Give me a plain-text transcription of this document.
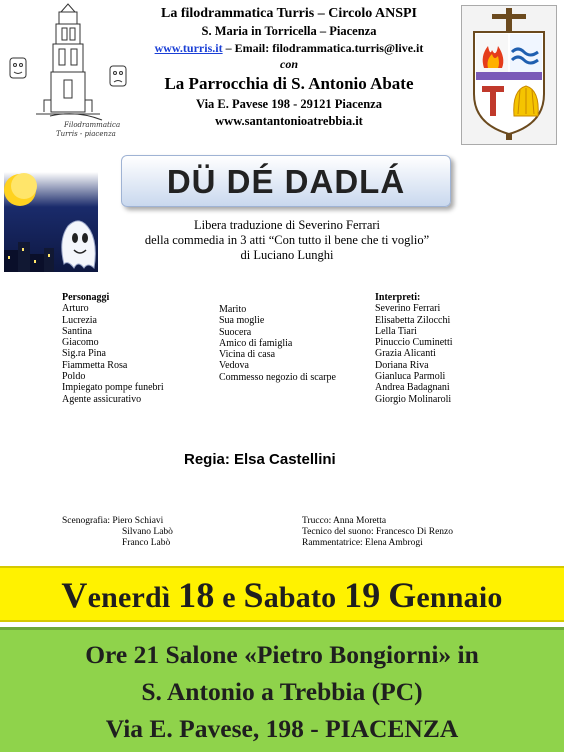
Filodrammatica
Turris - piacenza
La filodrammatica Turris – Circolo ANSPI
S. Maria in Torricella – Piacenza
www.turris.it – Email: filodrammatica.turris@live.it
con
La Parrocchia di S. Antonio Abate
Via E. Pavese 198 - 29121 Piacenza
www.santantonioatrebbia.it
DÜ DÉ DADLÁ
Libera traduzione di Severino Ferrari
della commedia in 3 atti “Con tutto il bene che ti voglio”
di Luciano Lunghi
Personaggi
Arturo
Lucrezia
Santina
Giacomo
Sig.ra Pina
Fiammetta Rosa
Poldo
Impiegato pompe funebri
Agente assicurativo
Marito
Sua moglie
Suocera
Amico di famiglia
Vicina di casa
Vedova
Commesso negozio di scarpe
Interpreti:
Severino Ferrari
Elisabetta Zilocchi
Lella Tiari
Pinuccio Cuminetti
Grazia Alicanti
Doriana Riva
Gianluca Parmoli
Andrea Badagnani
Giorgio Molinaroli
Regia: Elsa Castellini
Scenografia: Piero Schiavi
Silvano Labò
Franco Labò
Trucco: Anna Moretta
Tecnico del suono: Francesco Di Renzo
Rammentatrice: Elena Ambrogi
Venerdì 18 e Sabato 19 Gennaio
Ore 21 Salone «Pietro Bongiorni» in
S. Antonio a Trebbia (PC)
Via E. Pavese, 198 - PIACENZA
